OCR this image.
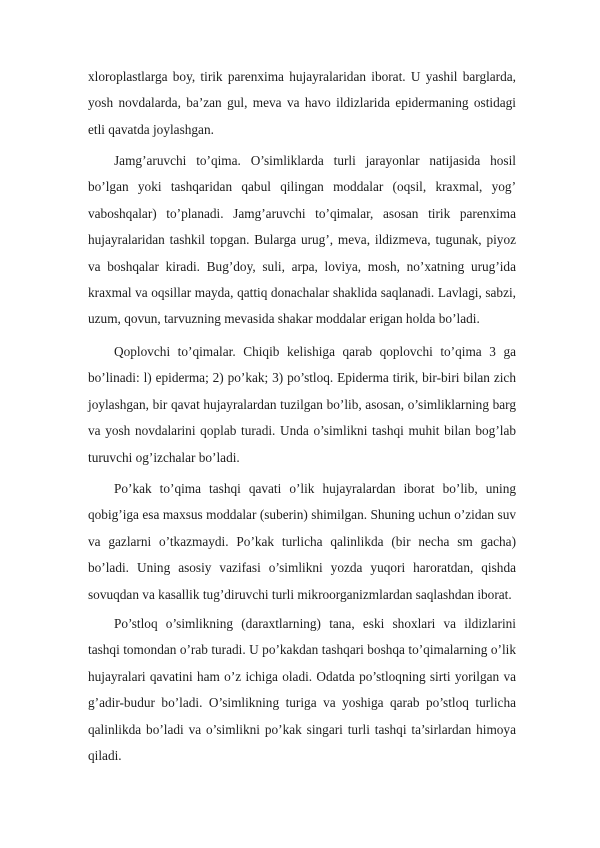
xloroplastlarga boy, tirik parenxima hujayralaridan iborat. U yashil barglarda, yosh novdalarda, ba’zan gul, meva va havo ildizlarida epidermaning ostidagi etli qavatda joylashgan.

Jamg’aruvchi to’qima. O’simliklarda turli jarayonlar natijasida hosil bo’lgan yoki tashqaridan qabul qilingan moddalar (oqsil, kraxmal, yog’ vaboshqalar) to’planadi. Jamg’aruvchi to’qimalar, asosan tirik parenxima hujayralaridan tashkil topgan. Bularga urug’, meva, ildizmeva, tugunak, piyoz va boshqalar kiradi. Bug’doy, suli, arpa, loviya, mosh, no’xatning urug’ida kraxmal va oqsillar mayda, qattiq donachalar shaklida saqlanadi. Lavlagi, sabzi, uzum, qovun, tarvuzning mevasida shakar moddalar erigan holda bo’ladi.

Qoplovchi to’qimalar. Chiqib kelishiga qarab qoplovchi to’qima 3 ga bo’linadi: l) epiderma; 2) po’kak; 3) po’stloq. Epiderma tirik, bir-biri bilan zich joylashgan, bir qavat hujayralardan tuzilgan bo’lib, asosan, o’simliklarning barg va yosh novdalarini qoplab turadi. Unda o’simlikni tashqi muhit bilan bog’lab turuvchi og’izchalar bo’ladi.

Po’kak to’qima tashqi qavati o’lik hujayralardan iborat bo’lib, uning qobig’iga esa maxsus moddalar (suberin) shimilgan. Shuning uchun o’zidan suv va gazlarni o’tkazmaydi. Po’kak turlicha qalinlikda (bir necha sm gacha) bo’ladi. Uning asosiy vazifasi o’simlikni yozda yuqori haroratdan, qishda sovuqdan va kasallik tug’diruvchi turli mikroorganizmlardan saqlashdan iborat.

Po’stloq o’simlikning (daraxtlarning) tana, eski shoxlari va ildizlarini tashqi tomondan o’rab turadi. U po’kakdan tashqari boshqa to’qimalarning o’lik hujayralari qavatini ham o’z ichiga oladi. Odatda po’stloqning sirti yorilgan va g’adir-budur bo’ladi. O’simlikning turiga va yoshiga qarab po’stloq turlicha qalinlikda bo’ladi va o’simlikni po’kak singari turli tashqi ta’sirlardan himoya qiladi.
